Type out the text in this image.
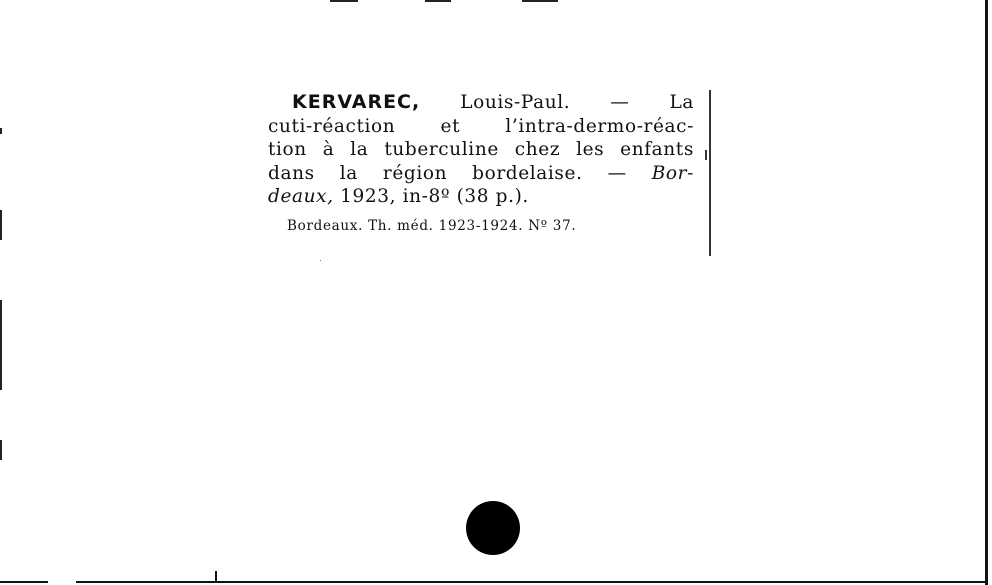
KERVAREC, Louis-Paul. — La
cuti-réaction et l’intra-dermo-réac-
tion à la tuberculine chez les enfants
dans la région bordelaise. — Bor-
deaux, 1923, in-8º (38 p.).
Bordeaux. Th. méd. 1923-1924. Nº 37.
